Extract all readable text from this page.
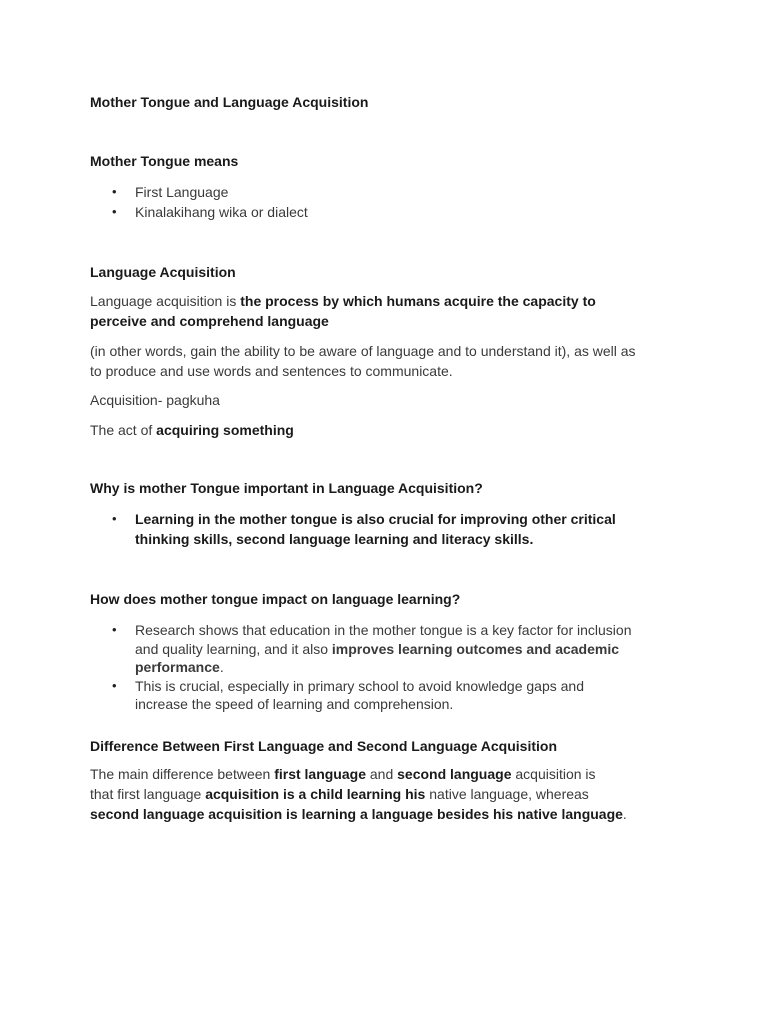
Mother Tongue and Language Acquisition

Mother Tongue means

• First Language
• Kinalakihang wika or dialect

Language Acquisition

Language acquisition is the process by which humans acquire the capacity to
perceive and comprehend language

(in other words, gain the ability to be aware of language and to understand it), as well as
to produce and use words and sentences to communicate.

Acquisition- pagkuha

The act of acquiring something

Why is mother Tongue important in Language Acquisition?

• Learning in the mother tongue is also crucial for improving other critical
thinking skills, second language learning and literacy skills.

How does mother tongue impact on language learning?

• Research shows that education in the mother tongue is a key factor for inclusion
and quality learning, and it also improves learning outcomes and academic
performance.
• This is crucial, especially in primary school to avoid knowledge gaps and
increase the speed of learning and comprehension.

Difference Between First Language and Second Language Acquisition

The main difference between first language and second language acquisition is
that first language acquisition is a child learning his native language, whereas
second language acquisition is learning a language besides his native language.
